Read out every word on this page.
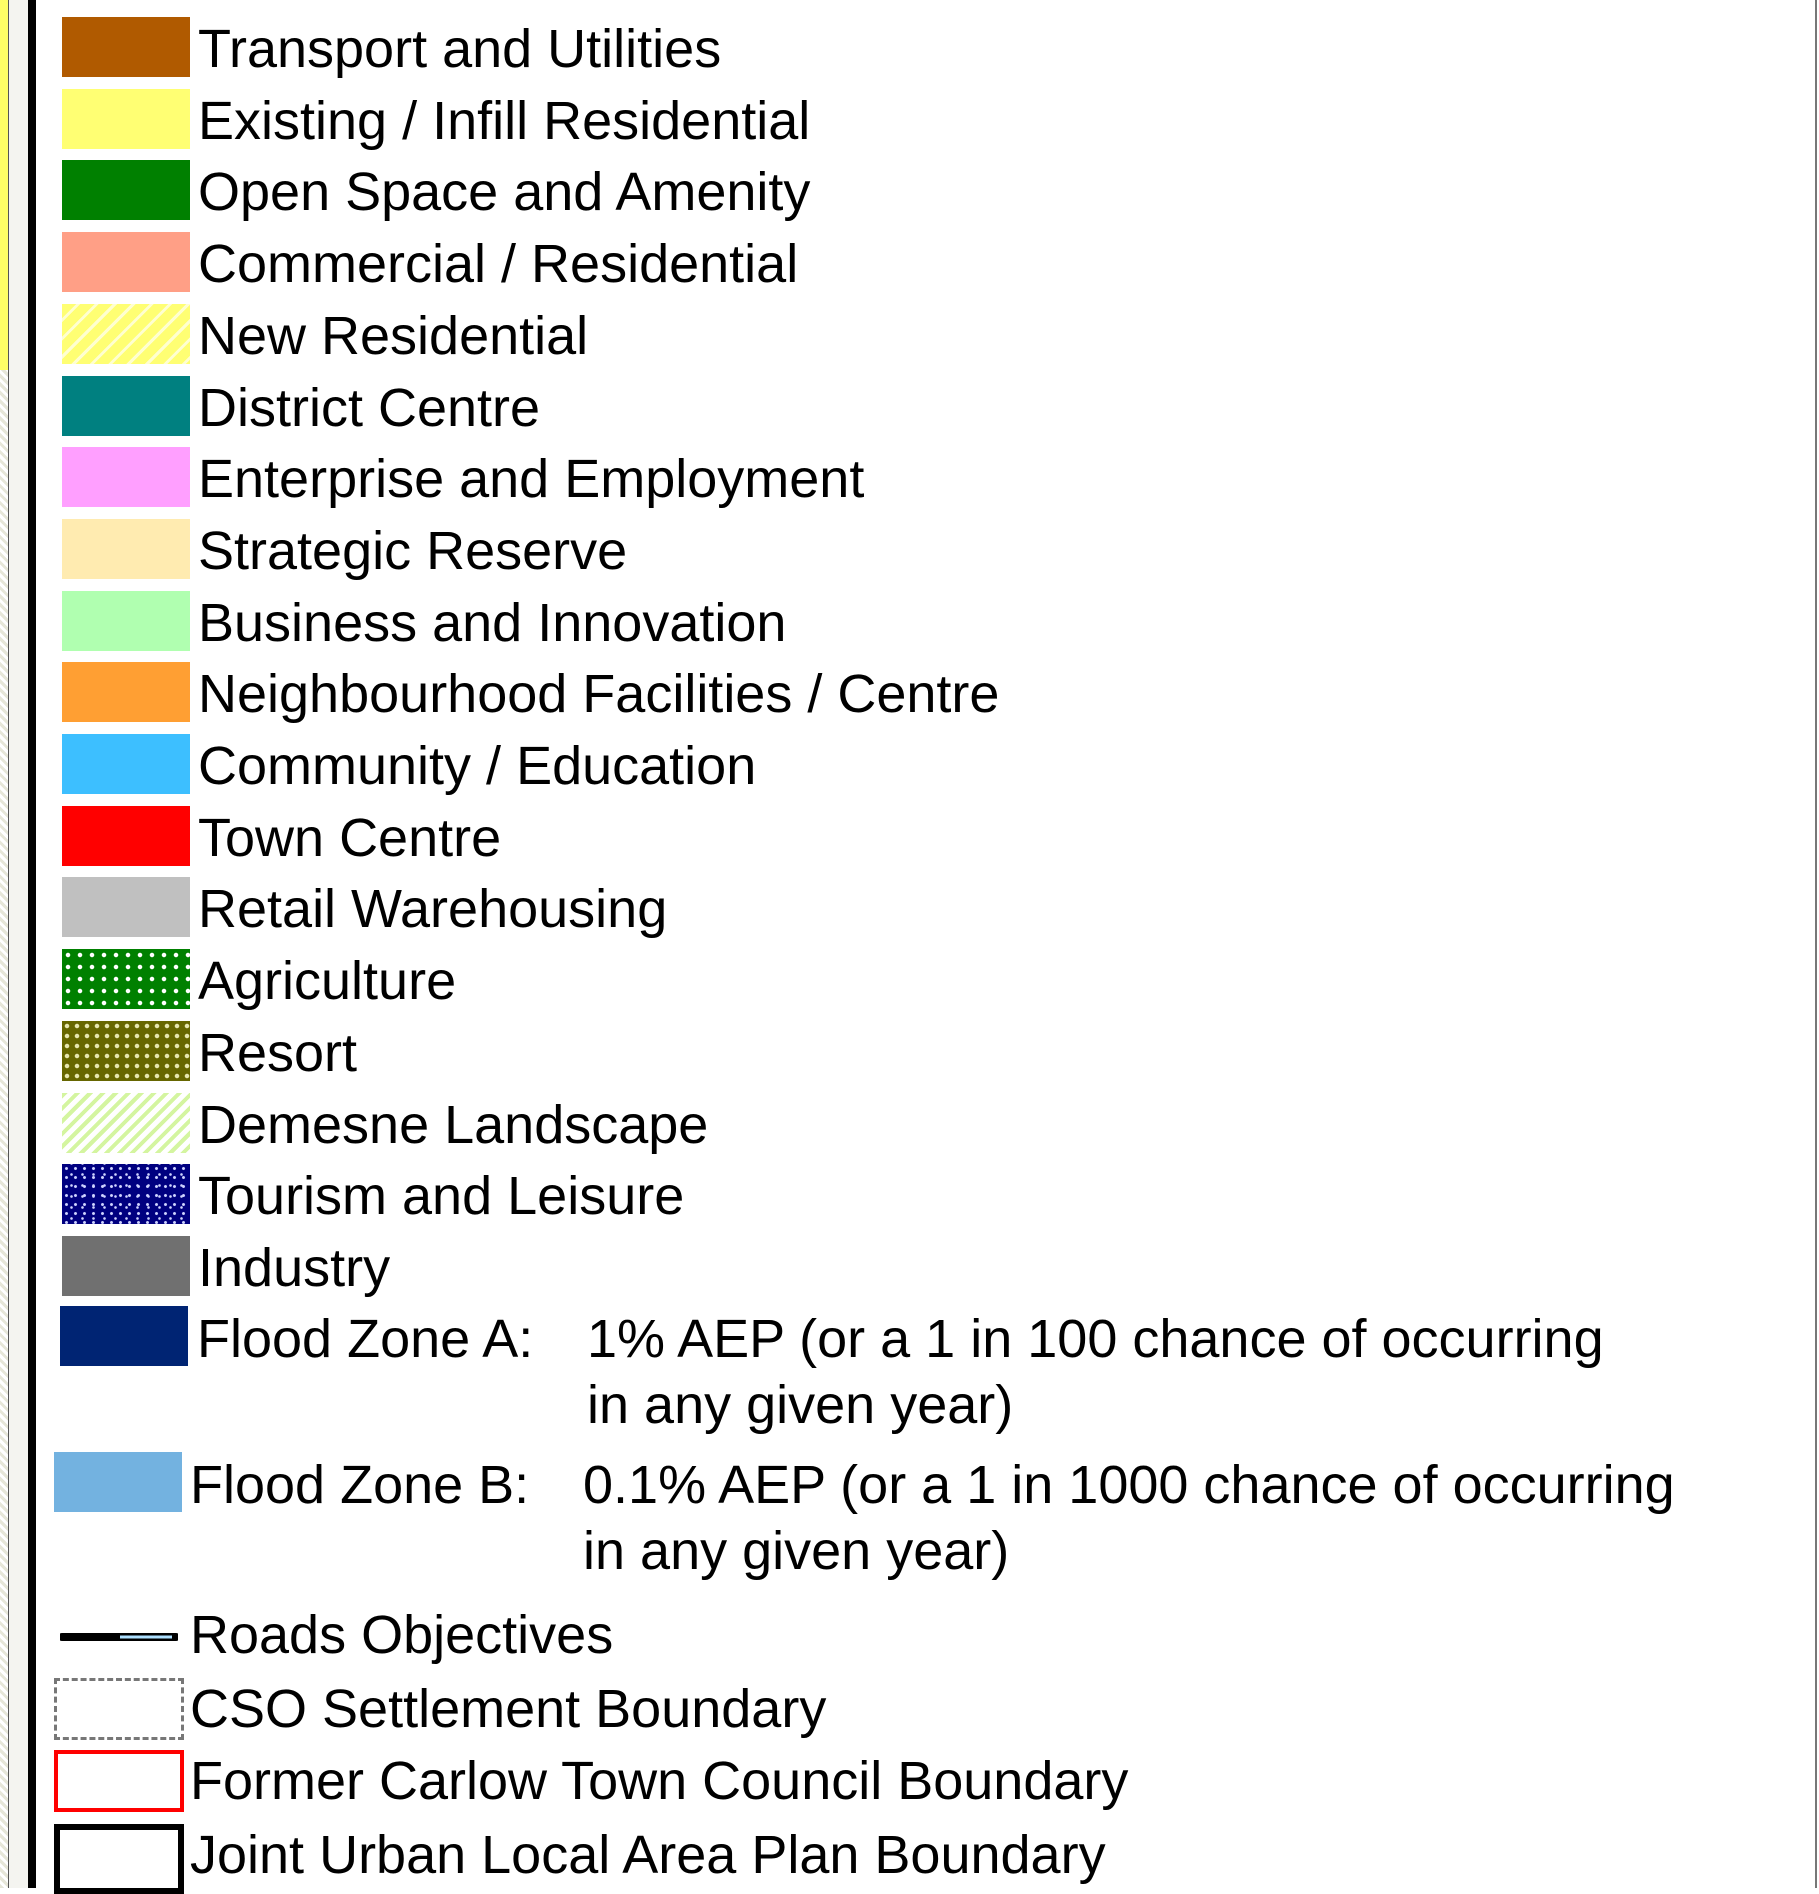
Transport and Utilities
Existing / Infill Residential
Open Space and Amenity
Commercial / Residential
New Residential
District Centre
Enterprise and Employment
Strategic Reserve
Business and Innovation
Neighbourhood Facilities / Centre
Community / Education
Town Centre
Retail Warehousing
Agriculture
Resort
Demesne Landscape
Tourism and Leisure
Industry
Flood Zone A: 1% AEP (or a 1 in 100 chance of occurring
in any given year)
Flood Zone B: 0.1% AEP (or a 1 in 1000 chance of occurring
in any given year)
Roads Objectives
CSO Settlement Boundary
Former Carlow Town Council Boundary
Joint Urban Local Area Plan Boundary
